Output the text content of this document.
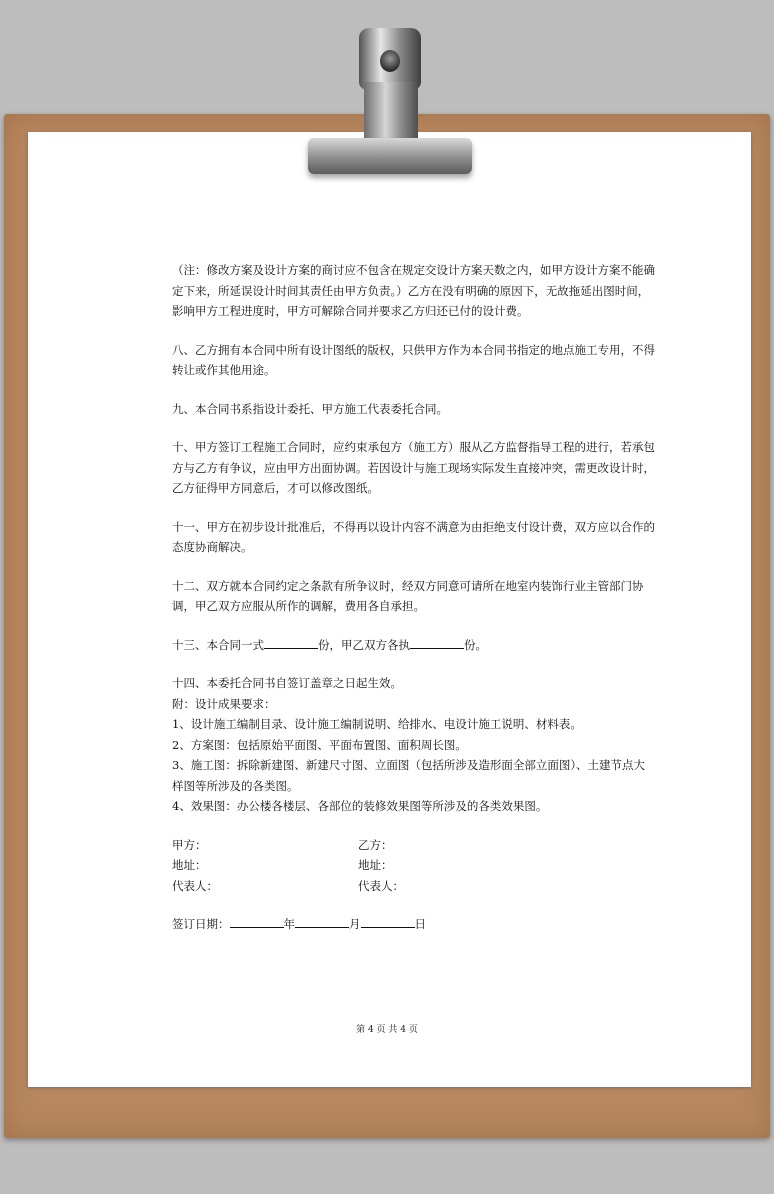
（注：修改方案及设计方案的商讨应不包含在规定交设计方案天数之内，如甲方设计方案不能确
定下来，所延误设计时间其责任由甲方负责。）乙方在没有明确的原因下，无故拖延出图时间，
影响甲方工程进度时，甲方可解除合同并要求乙方归还已付的设计费。
八、乙方拥有本合同中所有设计图纸的版权，只供甲方作为本合同书指定的地点施工专用，不得
转让或作其他用途。
九、本合同书系指设计委托、甲方施工代表委托合同。
十、甲方签订工程施工合同时，应约束承包方（施工方）服从乙方监督指导工程的进行，若承包
方与乙方有争议，应由甲方出面协调。若因设计与施工现场实际发生直接冲突，需更改设计时，
乙方征得甲方同意后，才可以修改图纸。
十一、甲方在初步设计批准后，不得再以设计内容不满意为由拒绝支付设计费，双方应以合作的
态度协商解决。
十二、双方就本合同约定之条款有所争议时，经双方同意可请所在地室内装饰行业主管部门协
调，甲乙双方应服从所作的调解，费用各自承担。
十三、本合同一式	份，甲乙双方各执	份。
十四、本委托合同书自签订盖章之日起生效。
附：设计成果要求：
1、设计施工编制目录、设计施工编制说明、给排水、电设计施工说明、材料表。
2、方案图：包括原始平面图、平面布置图、面积周长图。
3、施工图：拆除新建图、新建尺寸图、立面图（包括所涉及造形面全部立面图）、土建节点大
样图等所涉及的各类图。
4、效果图：办公楼各楼层、各部位的装修效果图等所涉及的各类效果图。
甲方：	乙方：
地址：	地址：
代表人：	代表人：
签订日期：	年	月	日
第 4 页 共 4 页
